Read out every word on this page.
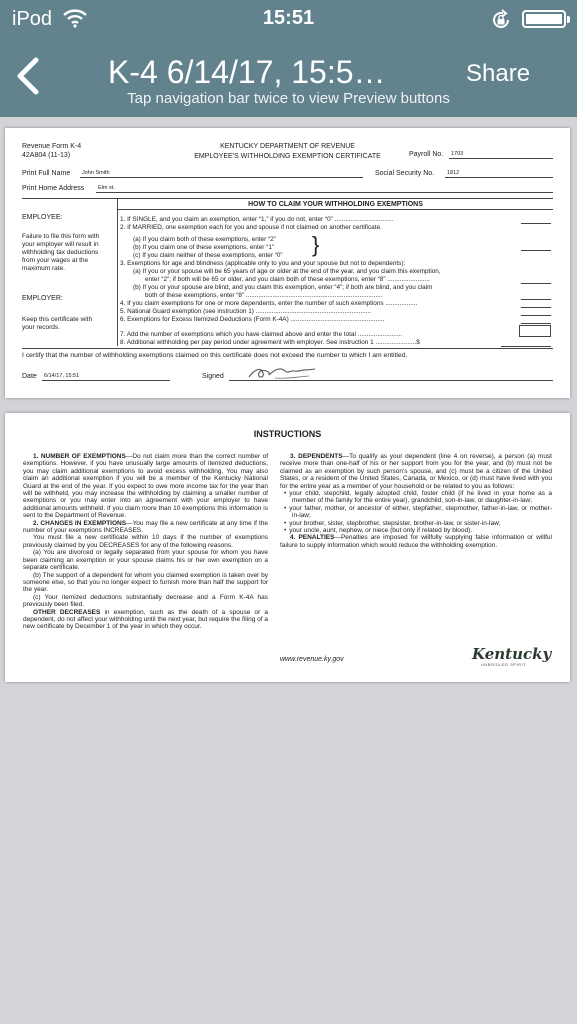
iPod	15:51
K-4 6/14/17, 15:5…	Share
Tap navigation bar twice to view Preview buttons
Revenue Form K-4
42A804 (11-13)
KENTUCKY DEPARTMENT OF REVENUE
EMPLOYEE'S WITHHOLDING EXEMPTION CERTIFICATE	Payroll No. 1703
Print Full Name John Smith	Social Security No. 1812
Print Home Address	Elm st.
HOW TO CLAIM YOUR WITHHOLDING EXEMPTIONS
EMPLOYEE:
Failure to file this form with
your employer will result in
withholding tax deductions
from your wages at the
maximum rate.
EMPLOYER:
Keep this certificate with
your records.
1. If SINGLE, and you claim an exemption, enter “1,” if you do not, enter “0” .................................
2. If MARRIED, one exemption each for you and spouse if not claimed on another certificate.
(a) If you claim both of these exemptions, enter “2”
(b) If you claim one of these exemptions, enter “1”
(c) If you claim neither of these exemptions, enter “0” }
3. Exemptions for age and blindness (applicable only to you and your spouse but not to dependents):
(a) If you or your spouse will be 65 years of age or older at the end of the year, and you claim this exemption,
enter “2”; if both will be 65 or older, and you claim both of these exemptions, enter “8” ........................
(b) If you or your spouse are blind, and you claim this exemption, enter “4”; if both are blind, and you claim
both of these exemptions, enter “8” .............................................................................
4. If you claim exemptions for one or more dependents, enter the number of such exemptions ..................
5. National Guard exemption (see instruction 1) .................................................................
6. Exemptions for Excess Itemized Deductions (Form K-4A) .....................................................
7. Add the number of exemptions which you have claimed above and enter the total .........................
8. Additional withholding per pay period under agreement with employer. See instruction 1 .......................$
I certify that the number of withholding exemptions claimed on this certificate does not exceed the number to which I am entitled.
Date 6/14/17, 15:51	Signed
INSTRUCTIONS

1. NUMBER OF EXEMPTIONS—Do not claim more than the correct number of exemptions. However, if you have unusually large amounts of itemized deductions, you may claim additional exemptions to avoid excess withholding. You may also claim an additional exemption if you will be a member of the Kentucky National Guard at the end of the year. If you expect to owe more income tax for the year than will be withheld, you may increase the withholding by claiming a smaller number of exemptions or you may enter into an agreement with your employer to have additional amounts withheld. If you claim more than 10 exemptions this information is sent to the Department of Revenue.

2. CHANGES IN EXEMPTIONS—You may file a new certificate at any time if the number of your exemptions INCREASES.

You must file a new certificate within 10 days if the number of exemptions previously claimed by you DECREASES for any of the following reasons.

(a) You are divorced or legally separated from your spouse for whom you have been claiming an exemption or your spouse claims his or her own exemption on a separate certificate.

(b) The support of a dependent for whom you claimed exemption is taken over by someone else, so that you no longer expect to furnish more than half the support for the year.

(c) Your itemized deductions substantially decrease and a Form K-4A has previously been filed.

OTHER DECREASES in exemption, such as the death of a spouse or a dependent, do not affect your withholding until the next year, but require the filing of a new certificate by December 1 of the year in which they occur.

3. DEPENDENTS—To qualify as your dependent (line 4 on reverse), a person (a) must receive more than one-half of his or her support from you for the year, and (b) must not be claimed as an exemption by such person's spouse, and (c) must be a citizen of the United States, or a resident of the United States, Canada, or Mexico, or (d) must have lived with you for the entire year as a member of your household or be related to you as follows:

• your child, stepchild, legally adopted child, foster child (if he lived in your home as a member of the family for the entire year), grandchild, son-in-law, or daughter-in-law;
• your father, mother, or ancestor of either, stepfather, stepmother, father-in-law, or mother-in-law;
• your brother, sister, stepbrother, stepsister, brother-in-law, or sister-in-law;
• your uncle, aunt, nephew, or niece (but only if related by blood).

4. PENALTIES—Penalties are imposed for willfully supplying false information or willful failure to supply information which would reduce the withholding exemption.

www.revenue.ky.gov	Kentucky
UNBRIDLED SPIRIT
